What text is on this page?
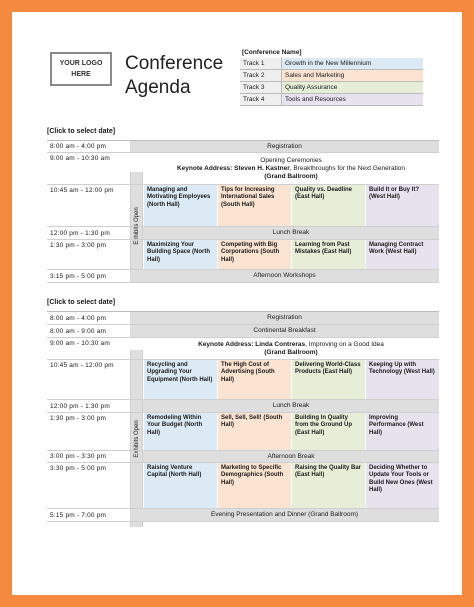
YOUR LOGO
HERE
Conference
Agenda
[Conference Name]
Track 1	Growth in the New Millennium
Track 2	Sales and Marketing
Track 3	Quality Assurance
Track 4	Tools and Resources
[Click to select date]
Exhibits Open
8:00 am - 4:00 pm	Registration
9:00 am - 10:30 am	Opening Ceremonies
Keynote Address: Steven H. Kastner, Breakthroughs for the Next Generation
(Grand Ballroom)
10:45 am - 12:00 pm	Managing and Motivating Employees (North Hall)
Tips for Increasing International Sales (South Hall)
Quality vs. Deadline (East Hall)
Build It or Buy It? (West Hall)
12:00 pm - 1:30 pm	Lunch Break
1:30 pm - 3:00 pm	Maximizing Your Building Space (North Hall)
Competing with Big Corporations (South Hall)
Learning from Past Mistakes (East Hall)
Managing Contract Work (West Hall)
3:15 pm - 5:00 pm	Afternoon Workshops
[Click to select date]
Exhibits Open
8:00 am - 4:00 pm	Registration
8:00 am - 9:00 am	Continental Breakfast
9:00 am - 10:30 am	Keynote Address: Linda Contreras, Improving on a Good Idea
(Grand Ballroom)
10:45 am - 12:00 pm	Recycling and Upgrading Your Equipment (North Hall)
The High Cost of Advertising (South Hall)
Delivering World-Class Products (East Hall)
Keeping Up with Technology (West Hall)
12:00 pm - 1:30 pm	Lunch Break
1:30 pm - 3:00 pm	Remodeling Within Your Budget (North Hall)
Sell, Sell, Sell! (South Hall)
Building In Quality from the Ground Up (East Hall)
Improving Performance (West Hall)
3:00 pm - 3:30 pm	Afternoon Break
3:30 pm - 5:00 pm	Raising Venture Capital (North Hall)
Marketing to Specific Demographics (South Hall)
Raising the Quality Bar (East Hall)
Deciding Whether to Update Your Tools or Build New Ones (West Hall)
5:15 pm - 7:00 pm	Evening Presentation and Dinner (Grand Ballroom)
